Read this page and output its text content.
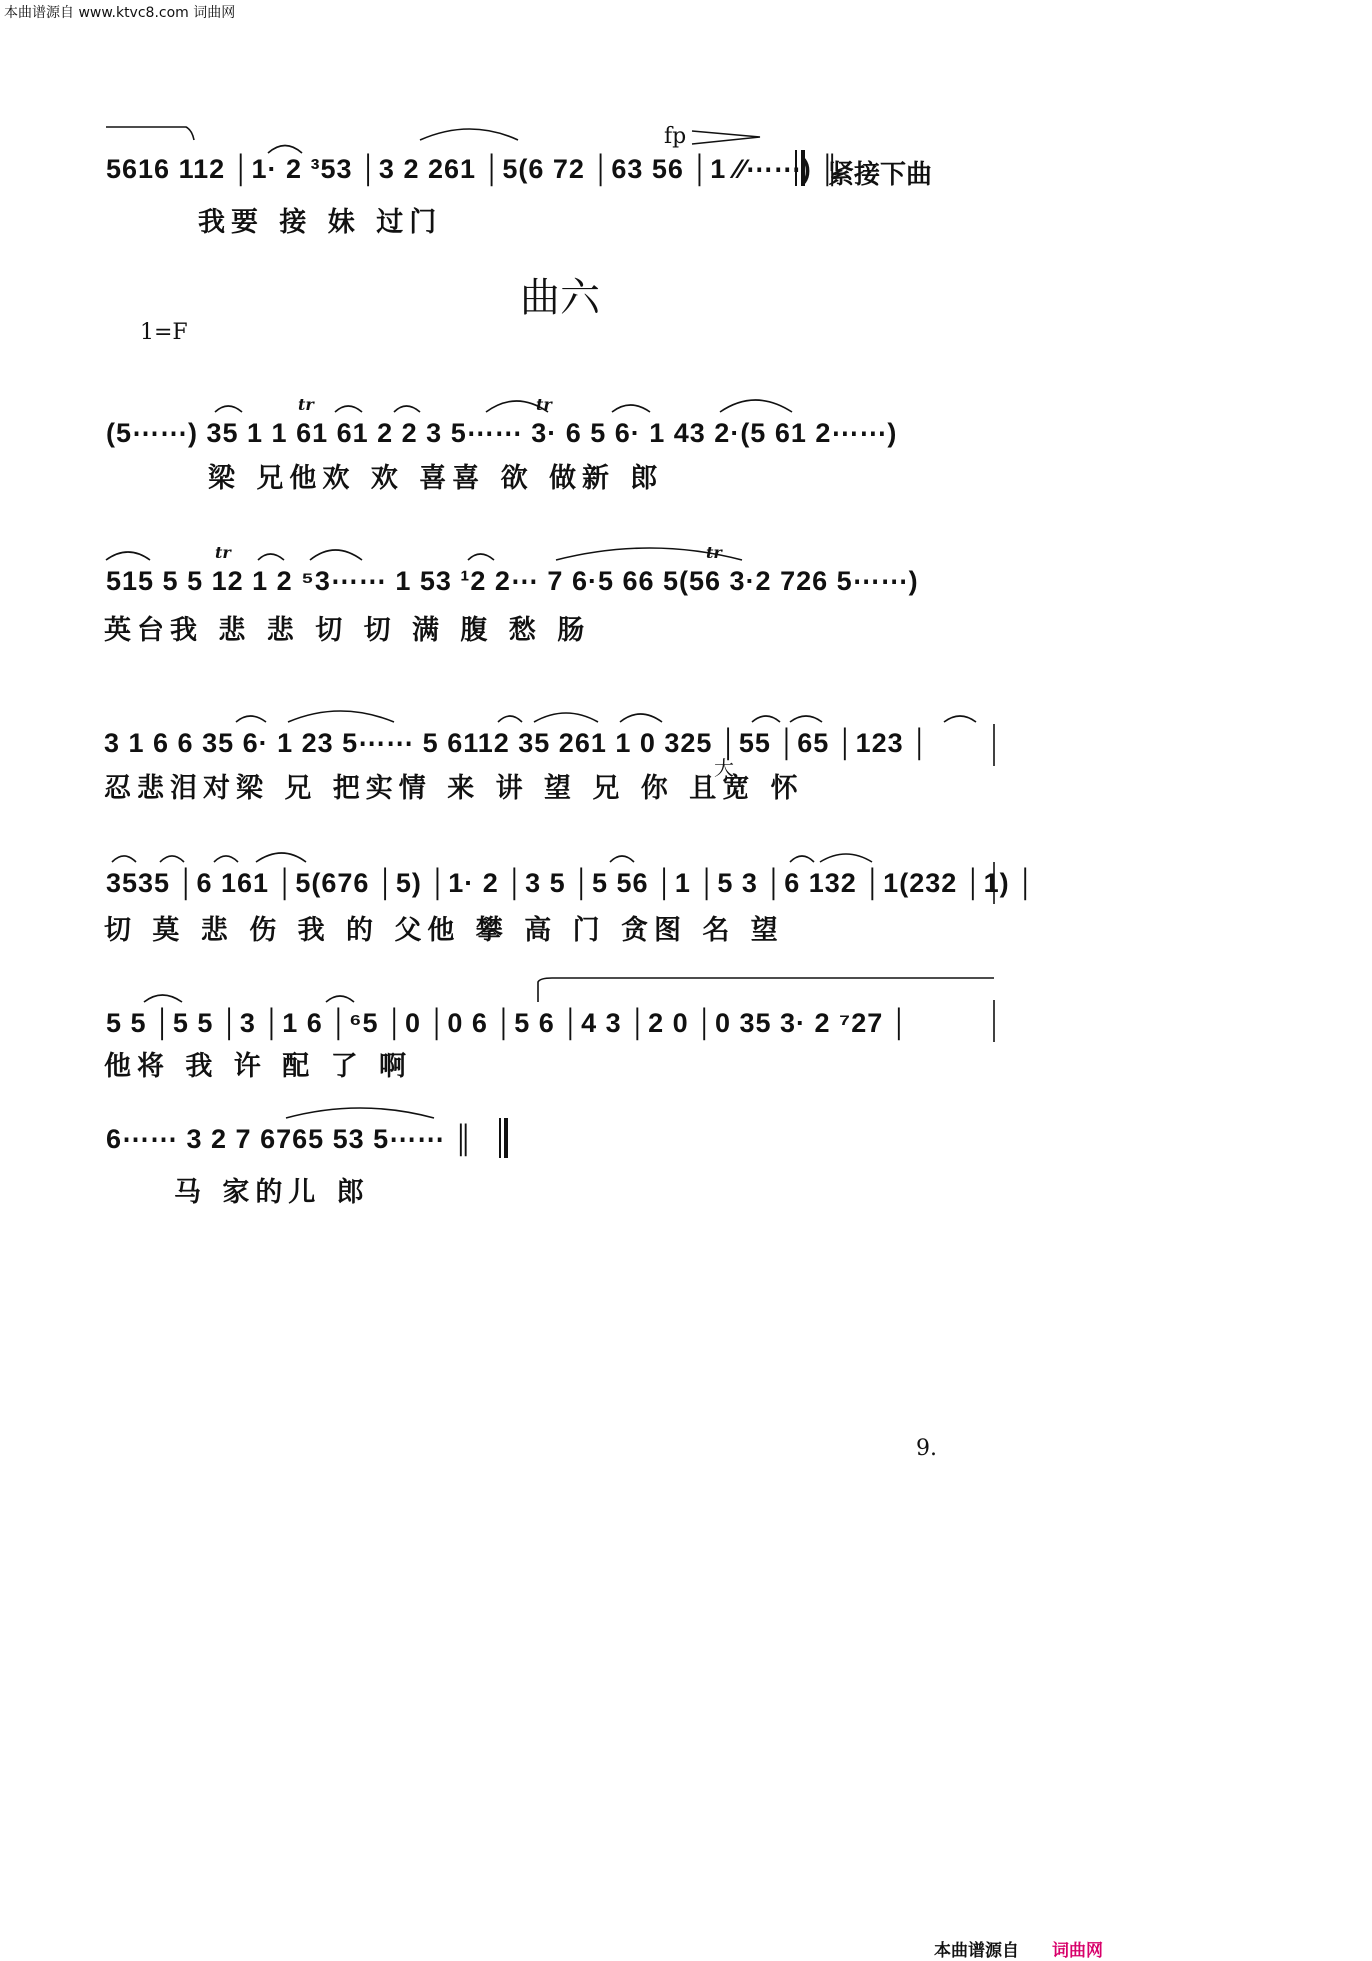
本曲谱源自 www.ktvc8.com 词曲网
5616 112 │1· 2 ³53 │3 2 261 │5(6 72 │63 56 │1 ⁄⁄⋯⋯) ║
fp
紧接下曲
我要 接 妹 过门
曲六
1=F
(5⋯⋯) 35 1 1 61 61 2 2 3 5⋯⋯ 3· 6 5 6· 1 43 2·(5 61 2⋯⋯)
梁 兄他欢 欢 喜喜 欲 做新 郎
515 5 5 12 1 2 ⁵3⋯⋯ 1 53 ¹2 2⋯ 7 6·5 66 5(56 3·2 726 5⋯⋯)
英台我 悲 悲 切 切 满 腹 愁 肠
3 1 6 6 35 6· 1 23 5⋯⋯ 5 6112 35 261 1 0 325 │55 │65 │123 │
大
忍悲泪对梁 兄 把实情 来 讲 望 兄 你 且宽 怀
3535 │6 161 │5(676 │5) │1· 2 │3 5 │5 56 │1 │5 3 │6 132 │1(232 │1) │
切 莫 悲 伤 我 的 父他 攀 高 门 贪图 名 望
5 5 │5 5 │3 │1 6 │⁶5 │0 │0 6 │5 6 │4 3 │2 0 │0 35 3· 2 ⁷27 │
他将 我 许 配 了 啊
6⋯⋯ 3 2 7 6765 53 5⋯⋯ ║
马 家的儿 郎
9.
本曲谱源自 词曲网
tr	tr
tr	tr
